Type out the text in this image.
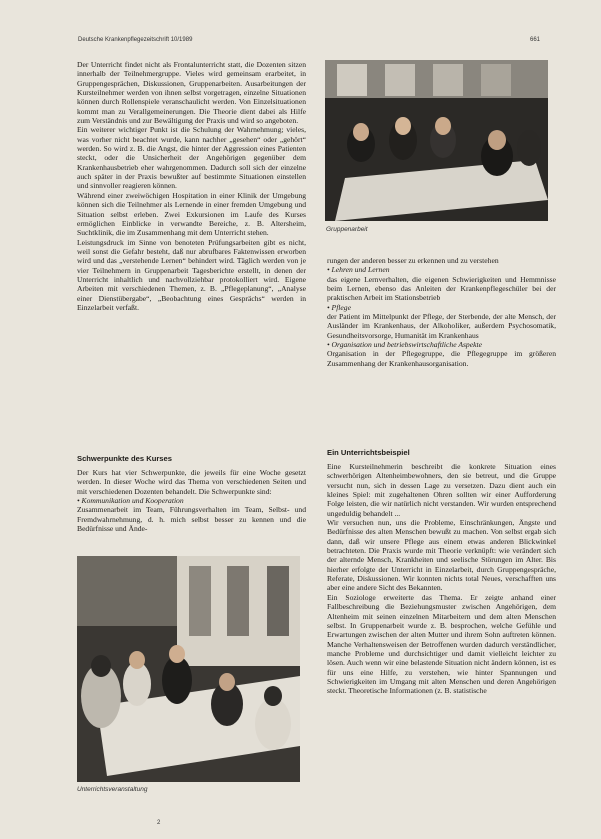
Deutsche Krankenpflegezeitschrift 10/1989	661

Der Unterricht findet nicht als Frontalunterricht statt, die Dozenten sitzen innerhalb der Teilnehmergruppe. Vieles wird gemeinsam erarbeitet, in Gruppengesprächen, Diskussionen, Gruppenarbeiten. Ausarbeitungen der Kursteilnehmer werden von ihnen selbst vorgetragen, einzelne Situationen können durch Rollenspiele veranschaulicht werden. Von Einzelsituationen kommt man zu Verallgemeinerungen. Die Theorie dient dabei als Hilfe zum Verständnis und zur Bewältigung der Praxis und wird so angeboten.

Ein weiterer wichtiger Punkt ist die Schulung der Wahrnehmung; vieles, was vorher nicht beachtet wurde, kann nachher „gesehen“ oder „gehört“ werden. So wird z. B. die Angst, die hinter der Aggression eines Patienten steckt, oder die Unsicherheit der Angehörigen gegenüber dem Krankenhausbetrieb eher wahrgenommen. Dadurch soll sich der einzelne auch später in der Praxis bewußter auf bestimmte Situationen einstellen und sinnvoller reagieren können.

Während einer zweiwöchigen Hospitation in einer Klinik der Umgebung können sich die Teilnehmer als Lernende in einer fremden Umgebung und Situation selbst erleben. Zwei Exkursionen im Laufe des Kurses ermöglichen Einblicke in verwandte Bereiche, z. B. Altersheim, Suchtklinik, die im Zusammenhang mit dem Unterricht stehen.

Leistungsdruck im Sinne von benoteten Prüfungsarbeiten gibt es nicht, weil sonst die Gefahr besteht, daß nur abrufbares Faktenwissen erworben wird und das „verstehende Lernen“ behindert wird. Täglich werden von je vier Teilnehmern in Gruppenarbeit Tagesberichte erstellt, in denen der Unterricht inhaltlich und nachvollziehbar protokolliert wird. Eigene Arbeiten mit verschiedenen Themen, z. B. „Pflegeplanung“, „Analyse einer Dienstübergabe“, „Beobachtung eines Gesprächs“ werden in Einzelarbeit verfaßt.

Schwerpunkte des Kurses

Der Kurs hat vier Schwerpunkte, die jeweils für eine Woche gesetzt werden. In dieser Woche wird das Thema von verschiedenen Seiten und mit verschiedenen Dozenten behandelt. Die Schwerpunkte sind:

• Kommunikation und Kooperation

Zusammenarbeit im Team, Führungsverhalten im Team, Selbst- und Fremdwahrnehmung, d. h. mich selbst besser zu kennen und die Bedürfnisse und Ände-

Gruppenarbeit

rungen der anderen besser zu erkennen und zu verstehen

• Lehren und Lernen

das eigene Lernverhalten, die eigenen Schwierigkeiten und Hemmnisse beim Lernen, ebenso das Anleiten der Krankenpflegeschüler bei der praktischen Arbeit im Stationsbetrieb

• Pflege

der Patient im Mittelpunkt der Pflege, der Sterbende, der alte Mensch, der Ausländer im Krankenhaus, der Alkoholiker, außerdem Psychosomatik, Gesundheitsvorsorge, Humanität im Krankenhaus

• Organisation und betriebswirtschaftliche Aspekte

Organisation in der Pflegegruppe, die Pflegegruppe im größeren Zusammenhang der Krankenhausorganisation.

Ein Unterrichtsbeispiel

Eine Kursteilnehmerin beschreibt die konkrete Situation eines schwerhörigen Altenheimbewohners, den sie betreut, und die Gruppe versucht nun, sich in dessen Lage zu versetzen. Dazu dient auch ein kleines Spiel: mit zugehaltenen Ohren sollten wir einer Aufforderung Folge leisten, die wir natürlich nicht verstanden. Wir wurden entsprechend ungeduldig behandelt ...

Wir versuchen nun, uns die Probleme, Einschränkungen, Ängste und Bedürfnisse des alten Menschen bewußt zu machen. Von selbst ergab sich dann, daß wir unsere Pflege aus einem etwas anderen Blickwinkel betrachteten. Die Praxis wurde mit Theorie verknüpft: wie verändert sich der alternde Mensch, Krankheiten und seelische Störungen im Alter. Bis hierher erfolgte der Unterricht in Einzelarbeit, durch Gruppengespräche, Referate, Diskussionen. Wir konnten nichts total Neues, verschafften uns aber eine andere Sicht des Bekannten.

Ein Soziologe erweiterte das Thema. Er zeigte anhand einer Fallbeschreibung die Beziehungsmuster zwischen Angehörigen, dem Altenheim mit seinen einzelnen Mitarbeitern und dem alten Menschen selbst. In Gruppenarbeit wurde z. B. besprochen, welche Gefühle und Erwartungen zwischen der alten Mutter und ihrem Sohn auftreten können. Manche Verhaltensweisen der Betroffenen wurden dadurch verständlicher, manche Probleme und durchsichtiger und damit vielleicht leichter zu lösen. Auch wenn wir eine belastende Situation nicht ändern können, ist es für uns eine Hilfe, zu verstehen, wie hinter Spannungen und Schwierigkeiten im Umgang mit alten Menschen und deren Angehörigen steckt. Theoretische Informationen (z. B. statistische

Unterrichtsveranstaltung
2
